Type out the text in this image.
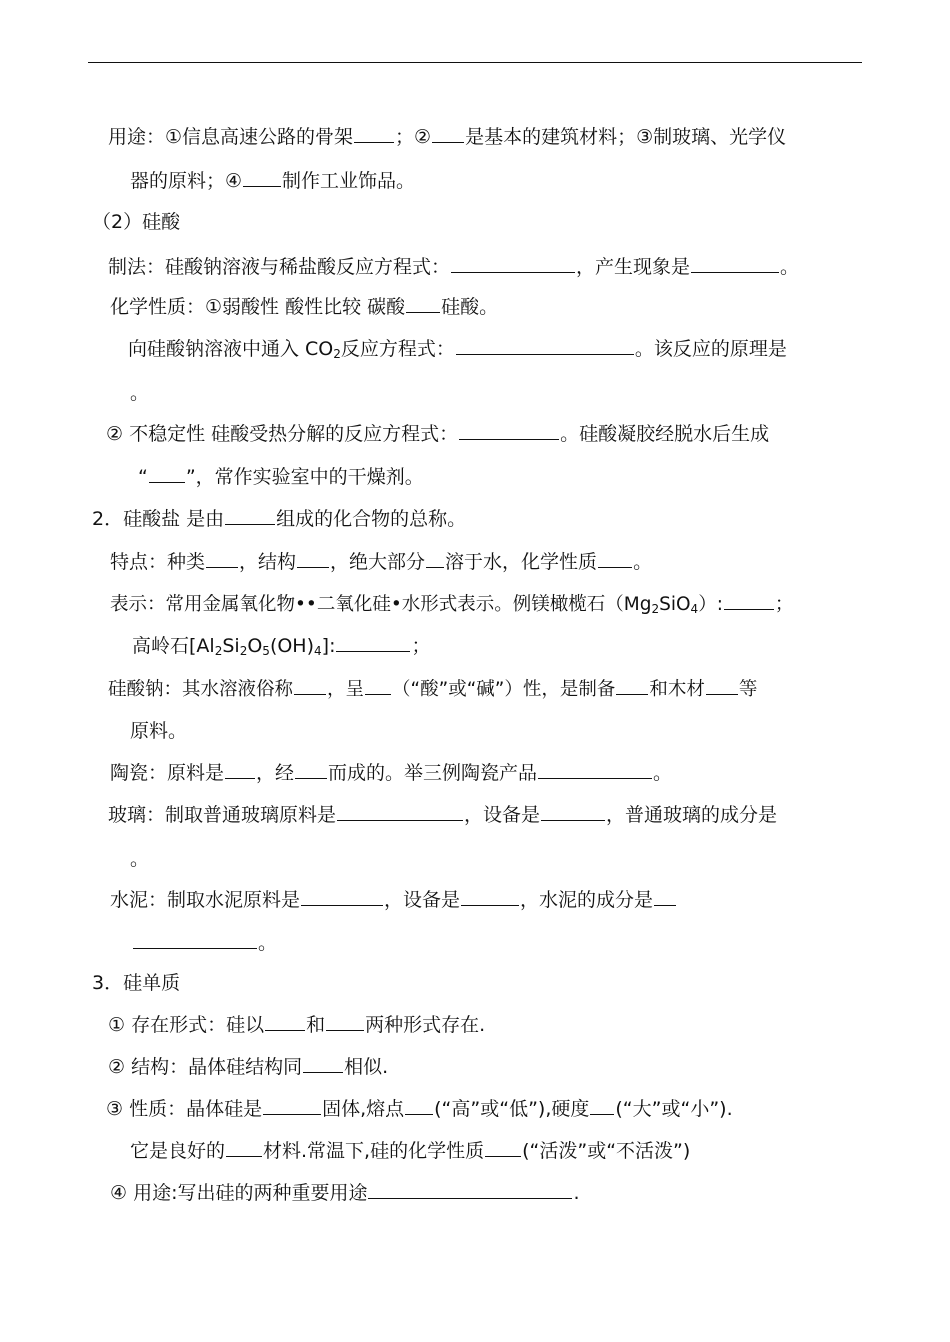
用途：①信息高速公路的骨架 ；② 是基本的建筑材料；③制玻璃、光学仪
器的原料；④ 制作工业饰品。
（2）硅酸
制法：硅酸钠溶液与稀盐酸反应方程式：	，产生现象是	。
化学性质：①弱酸性 酸性比较 碳酸 硅酸。
向硅酸钠溶液中通入 $CO_2$反应方程式：	。该反应的原理是
。
② 不稳定性 硅酸受热分解的反应方程式：	。硅酸凝胶经脱水后生成
“ ”，常作实验室中的干燥剂。
2．硅酸盐 是由	组成的化合物的总称。
特点：种类 ，结构 ，绝大部分 溶于水，化学性质 。
表示：常用金属氧化物••二氧化硅•水形式表示。例镁橄榄石$(Mg_2SiO_4)$:	；
高岭石$[Al_2Si_2O_5(OH)_4]$:	；
硅酸钠：其水溶液俗称 ，呈 （“酸”或“碱”）性，是制备 和木材 等
原料。
陶瓷：原料是 ，经 而成的。举三例陶瓷产品	。
玻璃：制取普通玻璃原料是	，设备是	，普通玻璃的成分是
。
水泥：制取水泥原料是	，设备是	，水泥的成分是
。
3．硅单质
① 存在形式：硅以 和 两种形式存在.
② 结构：晶体硅结构同 相似.
③ 性质：晶体硅是	固体,熔点 (“高”或“低”),硬度 (“大”或“小”).
它是良好的 材料.常温下,硅的化学性质 (“活泼”或“不活泼”)
④ 用途:写出硅的两种重要用途	.
